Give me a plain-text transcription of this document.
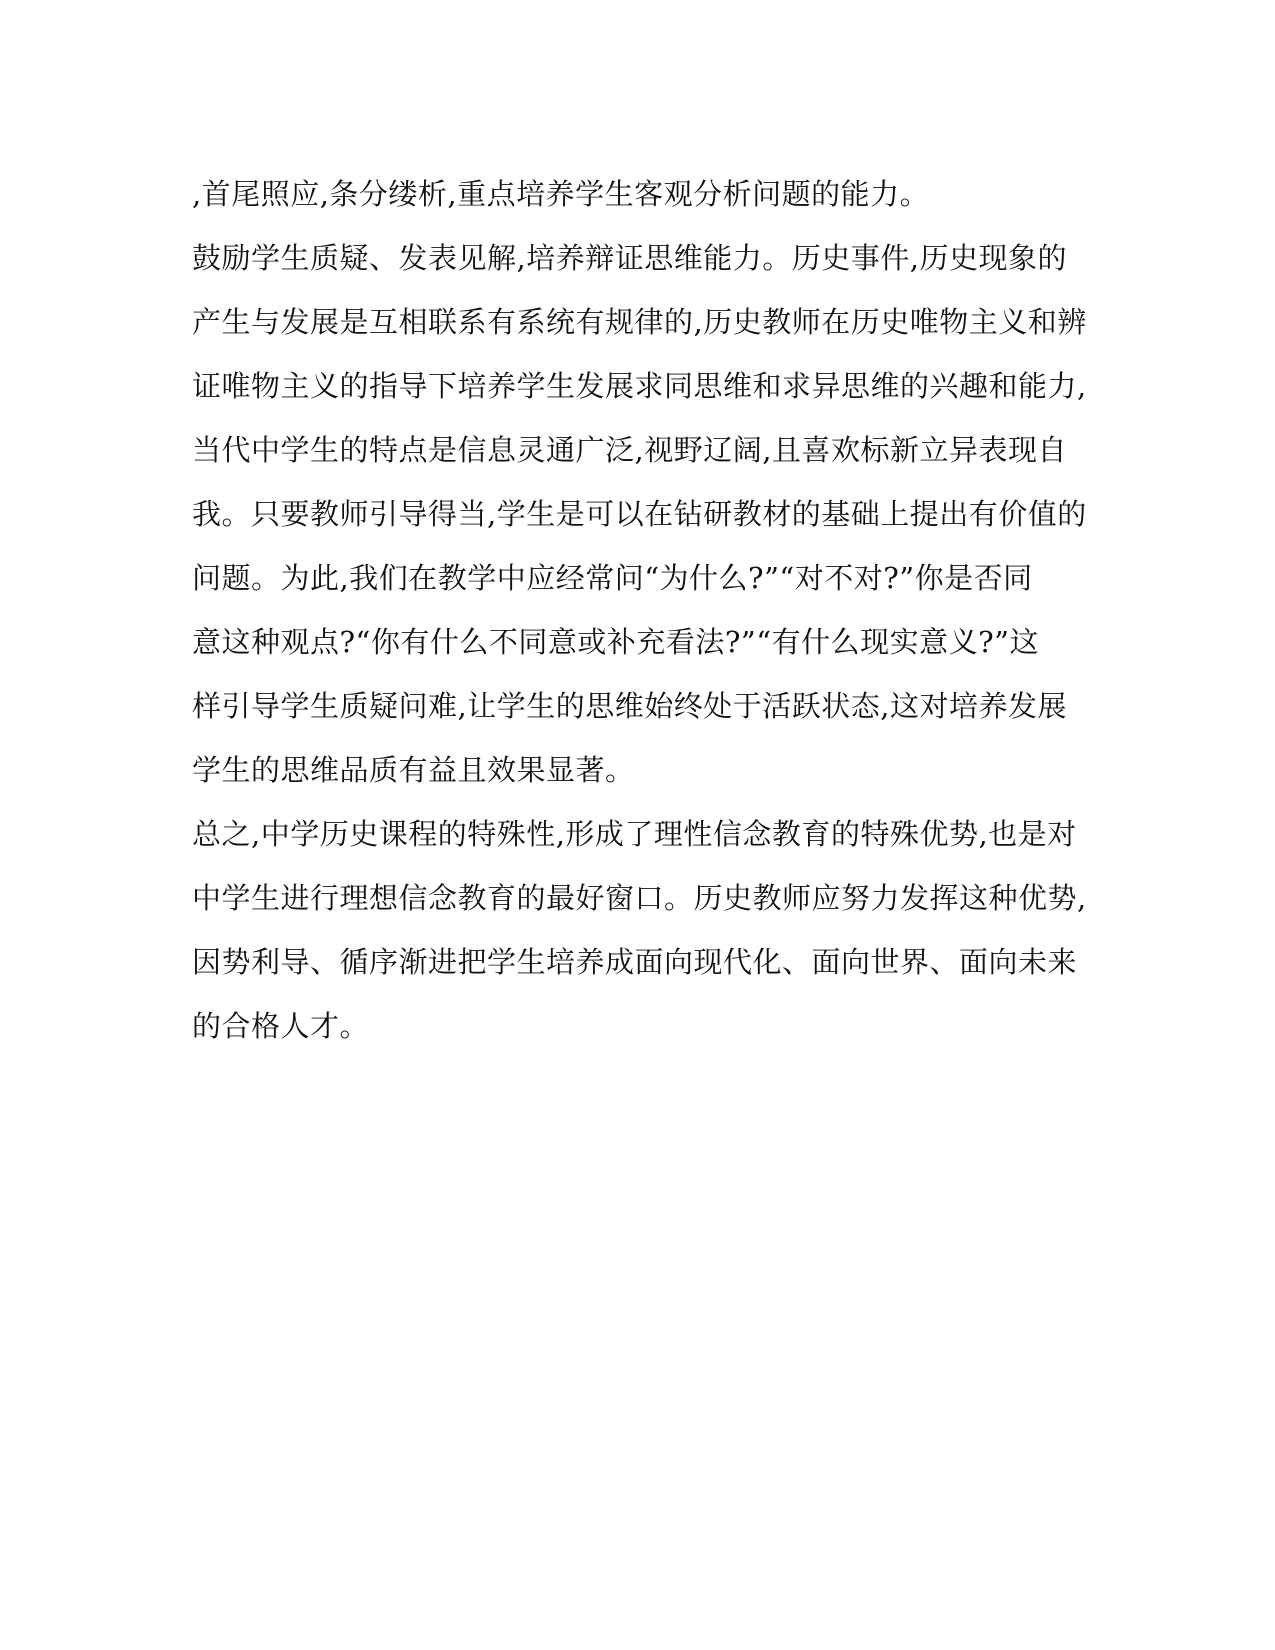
,首尾照应,条分缕析,重点培养学生客观分析问题的能力。

鼓励学生质疑、发表见解,培养辩证思维能力。历史事件,历史现象的

产生与发展是互相联系有系统有规律的,历史教师在历史唯物主义和辨

证唯物主义的指导下培养学生发展求同思维和求异思维的兴趣和能力,

当代中学生的特点是信息灵通广泛,视野辽阔,且喜欢标新立异表现自

我。只要教师引导得当,学生是可以在钻研教材的基础上提出有价值的

问题。为此,我们在教学中应经常问“为什么?”“对不对?”你是否同

意这种观点?“你有什么不同意或补充看法?”“有什么现实意义?”这

样引导学生质疑问难,让学生的思维始终处于活跃状态,这对培养发展

学生的思维品质有益且效果显著。

总之,中学历史课程的特殊性,形成了理性信念教育的特殊优势,也是对

中学生进行理想信念教育的最好窗口。历史教师应努力发挥这种优势,

因势利导、循序渐进把学生培养成面向现代化、面向世界、面向未来

的合格人才。
